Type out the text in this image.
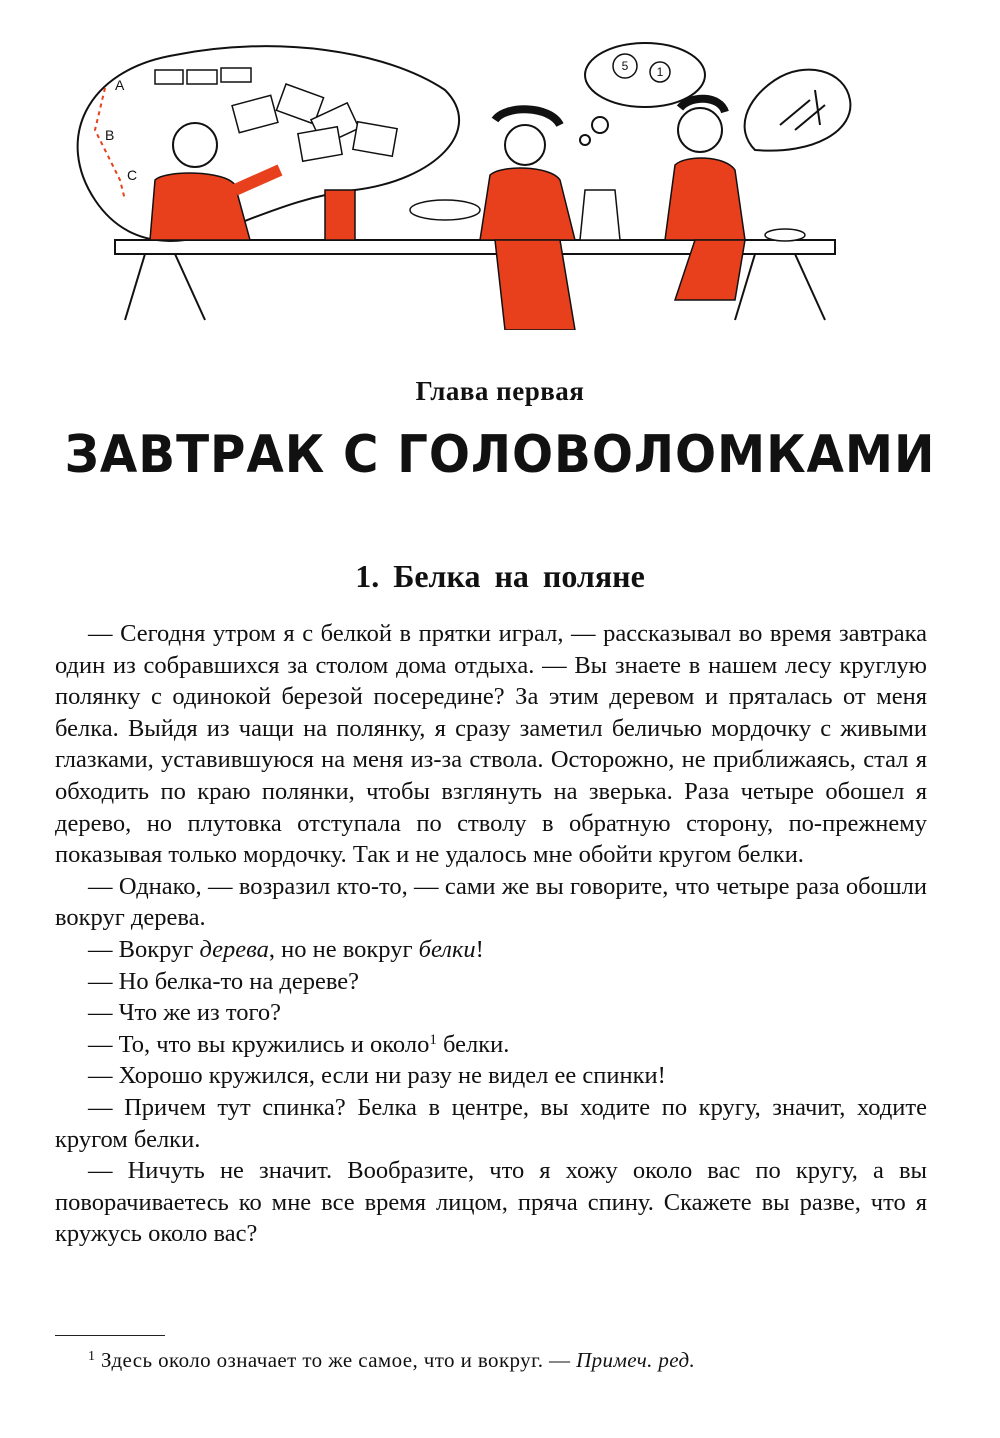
A
B
C
5 1
Глава первая
ЗАВТРАК С ГОЛОВОЛОМКАМИ
1. Белка на поляне

— Сегодня утром я с белкой в прятки играл, — рассказывал во время завтрака один из собравшихся за столом дома отдыха. — Вы знаете в нашем лесу круглую полянку с одинокой березой посередине? За этим деревом и пряталась от меня белка. Выйдя из чащи на полянку, я сразу заметил беличью мордочку с живыми глазками, уставившуюся на меня из-за ствола. Осторожно, не приближаясь, стал я обходить по краю полянки, чтобы взглянуть на зверька. Раза четыре обошел я дерево, но плутовка отступала по стволу в обратную сторону, по-прежнему показывая только мордочку. Так и не удалось мне обойти кругом белки.

— Однако, — возразил кто-то, — сами же вы говорите, что четыре раза обошли вокруг дерева.

— Вокруг дерева, но не вокруг белки!

— Но белка-то на дереве?

— Что же из того?

— То, что вы кружились и около$^1$ белки.

— Хорошо кружился, если ни разу не видел ее спинки!

— Причем тут спинка? Белка в центре, вы ходите по кругу, значит, ходите кругом белки.

— Ничуть не значит. Вообразите, что я хожу около вас по кругу, а вы поворачиваетесь ко мне все время лицом, пряча спину. Скажете вы разве, что я кружусь около вас?

$^1$ Здесь около означает то же самое, что и вокруг. — Примеч. ред.
